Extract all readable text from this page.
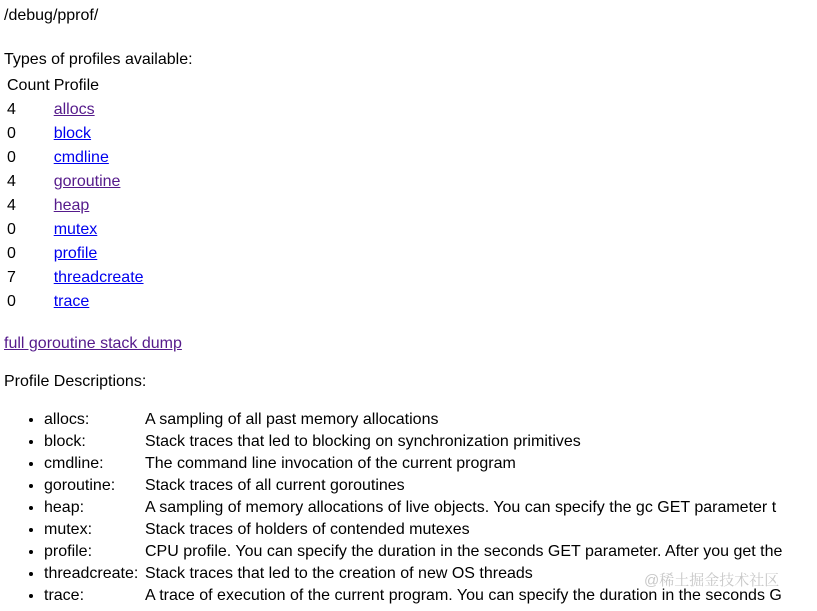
/debug/pprof/
Types of profiles available:
Count	Profile
4	allocs
0	block
0	cmdline
4	goroutine
4	heap
0	mutex
0	profile
7	threadcreate
0	trace
full goroutine stack dump
Profile Descriptions:
• allocs:	A sampling of all past memory allocations
• block:	Stack traces that led to blocking on synchronization primitives
• cmdline:	The command line invocation of the current program
• goroutine: Stack traces of all current goroutines
• heap:	A sampling of memory allocations of live objects. You can specify the gc GET parameter t
• mutex:	Stack traces of holders of contended mutexes
• profile:	CPU profile. You can specify the duration in the seconds GET parameter. After you get the
• threadcreate: Stack traces that led to the creation of new OS threads
• trace:	A trace of execution of the current program. You can specify the duration in the seconds G
@稀土掘金技术社区
